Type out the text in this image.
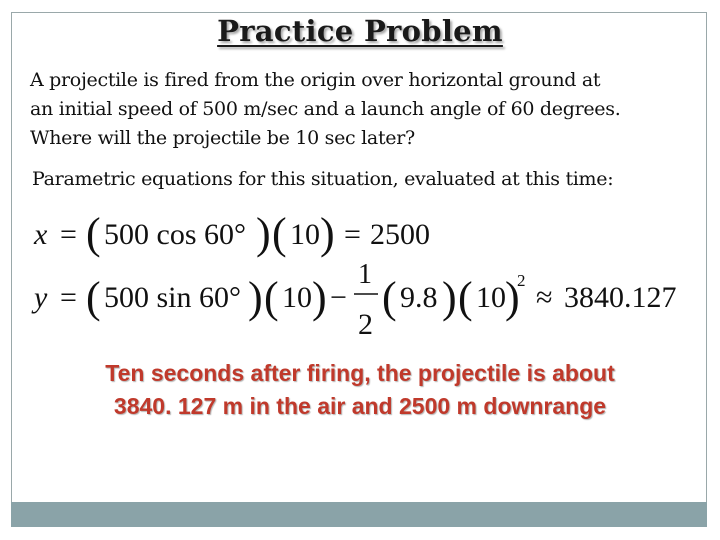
Practice Problem
A projectile is fired from the origin over horizontal ground at
an initial speed of 500 m/sec and a launch angle of 60 degrees.
Where will the projectile be 10 sec later?
Parametric equations for this situation, evaluated at this time:
x = ( 500 cos 60° ) ( 10 ) = 2500
y = ( 500 sin 60° ) ( 10 ) −
1
2
( 9.8 ) ( 10 )
2
≈ 3840.127
Ten seconds after firing, the projectile is about
3840. 127 m in the air and 2500 m downrange
